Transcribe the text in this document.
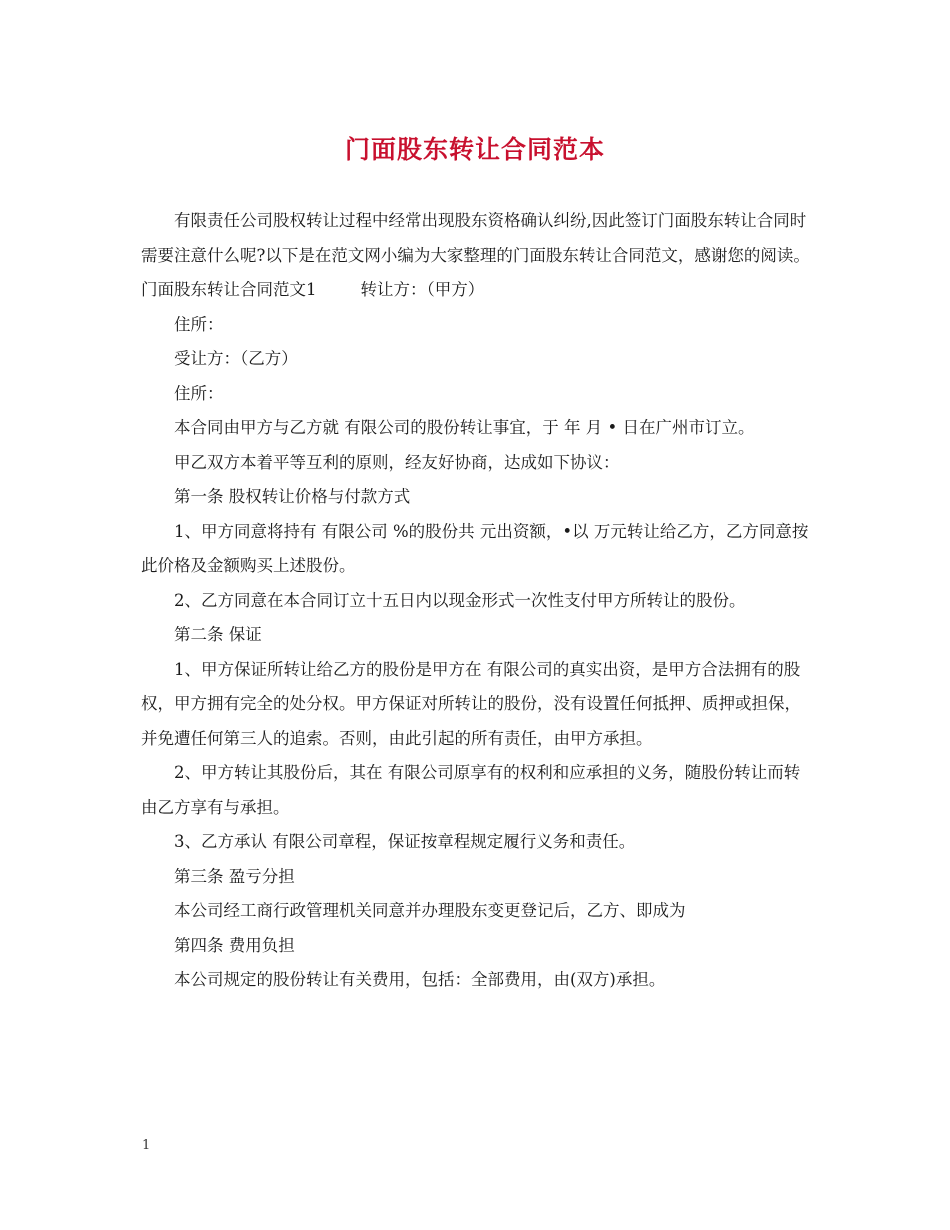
门面股东转让合同范本

有限责任公司股权转让过程中经常出现股东资格确认纠纷,因此签订门面股东转让合同时需要注意什么呢?以下是在范文网小编为大家整理的门面股东转让合同范文，感谢您的阅读。

门面股东转让合同范文1	转让方：（甲方）

住所：

受让方：（乙方）

住所：

本合同由甲方与乙方就 有限公司的股份转让事宜，于 年 月 • 日在广州市订立。

甲乙双方本着平等互利的原则，经友好协商，达成如下协议：

第一条 股权转让价格与付款方式

1、甲方同意将持有 有限公司 %的股份共 元出资额，•以 万元转让给乙方，乙方同意按此价格及金额购买上述股份。

2、乙方同意在本合同订立十五日内以现金形式一次性支付甲方所转让的股份。

第二条 保证

1、甲方保证所转让给乙方的股份是甲方在 有限公司的真实出资，是甲方合法拥有的股权，甲方拥有完全的处分权。甲方保证对所转让的股份，没有设置任何抵押、质押或担保，并免遭任何第三人的追索。否则，由此引起的所有责任，由甲方承担。

2、甲方转让其股份后，其在 有限公司原享有的权利和应承担的义务，随股份转让而转由乙方享有与承担。

3、乙方承认 有限公司章程，保证按章程规定履行义务和责任。

第三条 盈亏分担

本公司经工商行政管理机关同意并办理股东变更登记后，乙方、即成为

第四条 费用负担

本公司规定的股份转让有关费用，包括：全部费用，由(双方)承担。

1
